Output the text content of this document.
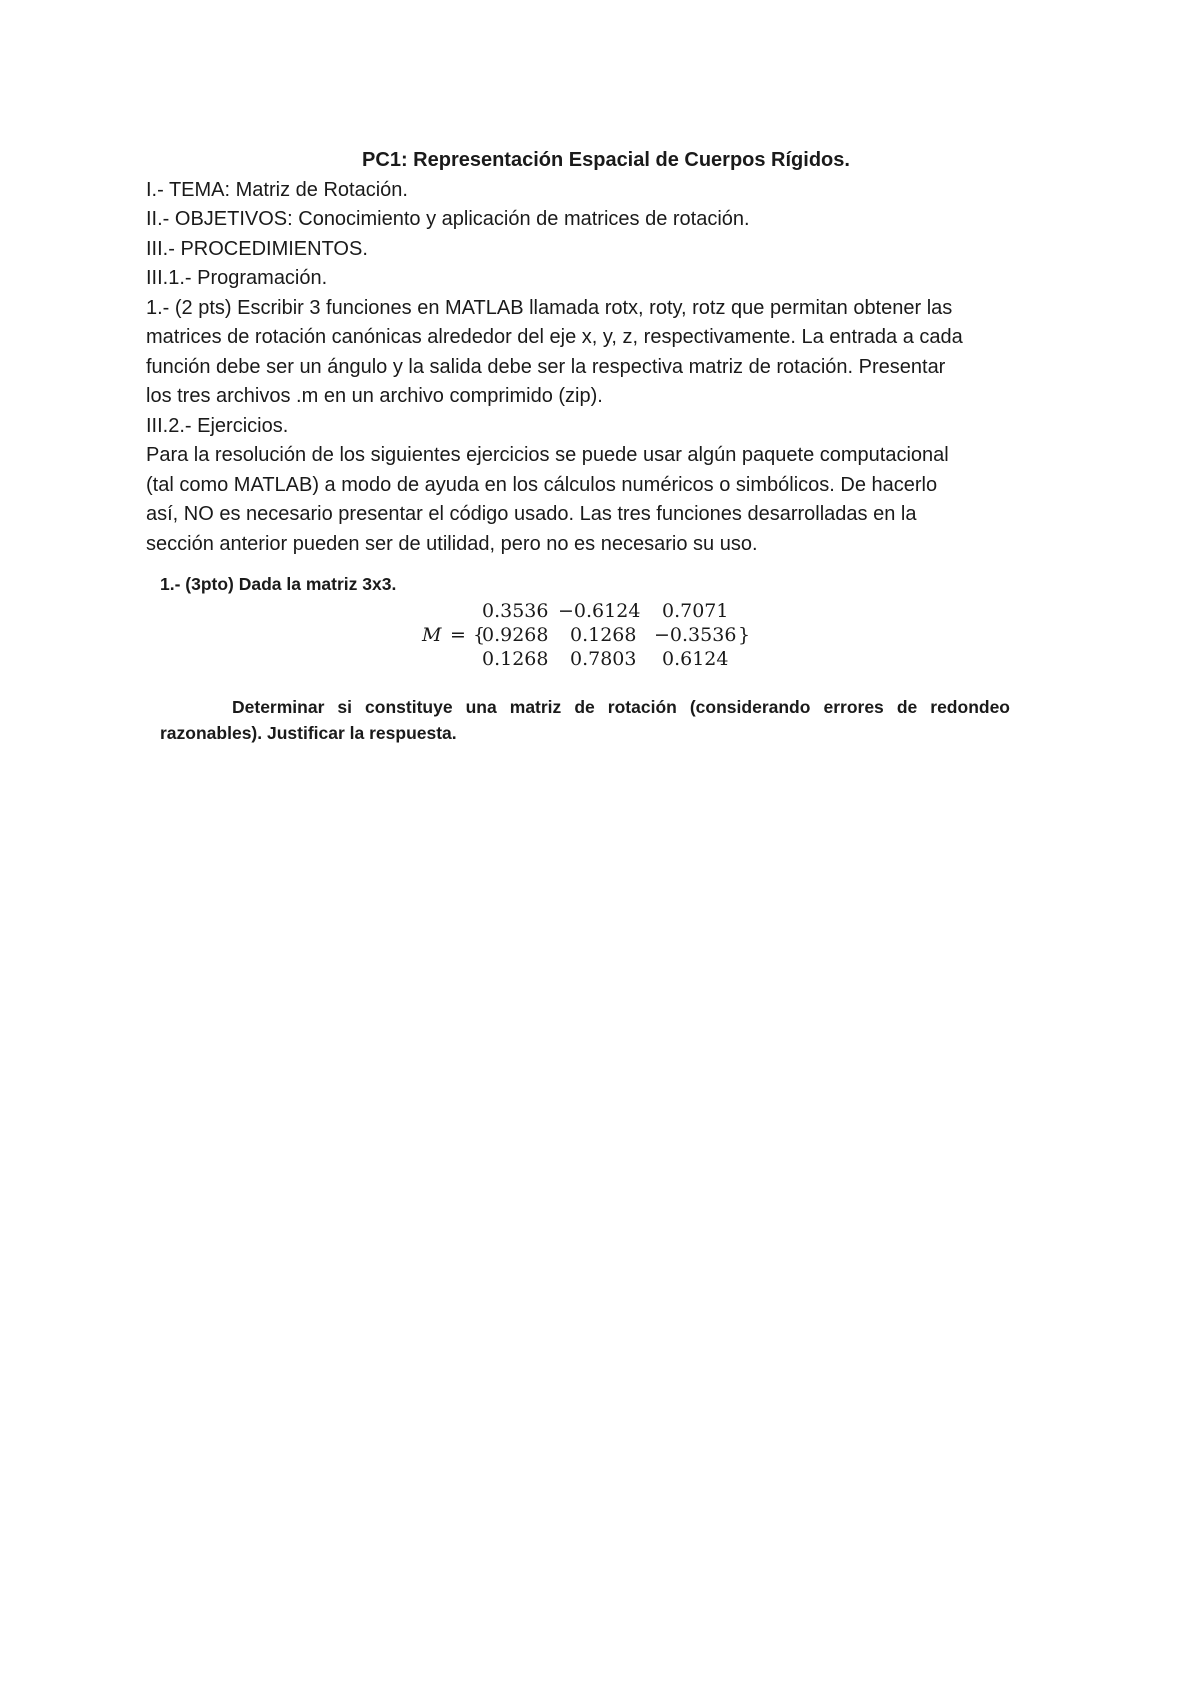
PC1: Representación Espacial de Cuerpos Rígidos.

I.- TEMA: Matriz de Rotación.

II.- OBJETIVOS: Conocimiento y aplicación de matrices de rotación.

III.- PROCEDIMIENTOS.

III.1.- Programación.

1.- (2 pts) Escribir 3 funciones en MATLAB llamada rotx, roty, rotz que permitan obtener las

matrices de rotación canónicas alrededor del eje x, y, z, respectivamente. La entrada a cada

función debe ser un ángulo y la salida debe ser la respectiva matriz de rotación. Presentar

los tres archivos .m en un archivo comprimido (zip).

III.2.- Ejercicios.

Para la resolución de los siguientes ejercicios se puede usar algún paquete computacional

(tal como MATLAB) a modo de ayuda en los cálculos numéricos o simbólicos. De hacerlo

así, NO es necesario presentar el código usado. Las tres funciones desarrolladas en la

sección anterior pueden ser de utilidad, pero no es necesario su uso.

1.- (3pto) Dada la matriz 3x3.

M = {
0.3536 −0.6124 0.7071
0.9268 0.1268 −0.3536
0.1268 0.7803 0.6124
}

Determinar si constituye una matriz de rotación (considerando errores de redondeo
razonables). Justificar la respuesta.
